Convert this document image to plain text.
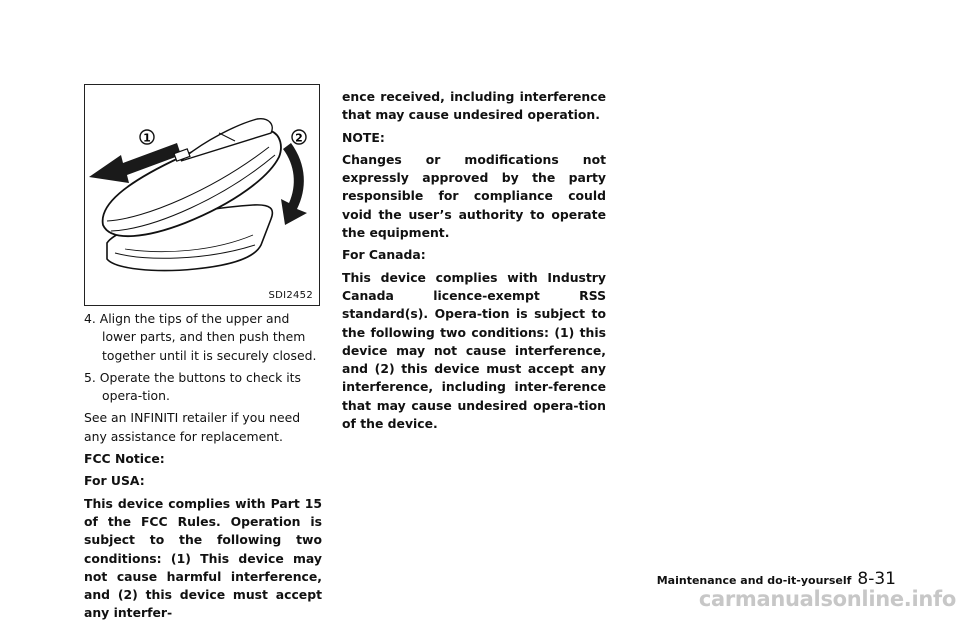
1	2
SDI2452
4. Align the tips of the upper and lower parts, and then push them together until it is securely closed.
5. Operate the buttons to check its opera-tion.
See an INFINITI retailer if you need any assistance for replacement.
FCC Notice:
For USA:
This device complies with Part 15 of the FCC Rules. Operation is subject to the following two conditions: (1) This device may not cause harmful interference, and (2) this device must accept any interfer-
ence received, including interference that may cause undesired operation.
NOTE:
Changes or modifications not expressly approved by the party responsible for compliance could void the user’s authority to operate the equipment.
For Canada:
This device complies with Industry Canada licence-exempt RSS standard(s). Opera-tion is subject to the following two conditions: (1) this device may not cause interference, and (2) this device must accept any interference, including inter-ference that may cause undesired opera-tion of the device.
Maintenance and do-it-yourself 8-31
carmanualsonline.info
